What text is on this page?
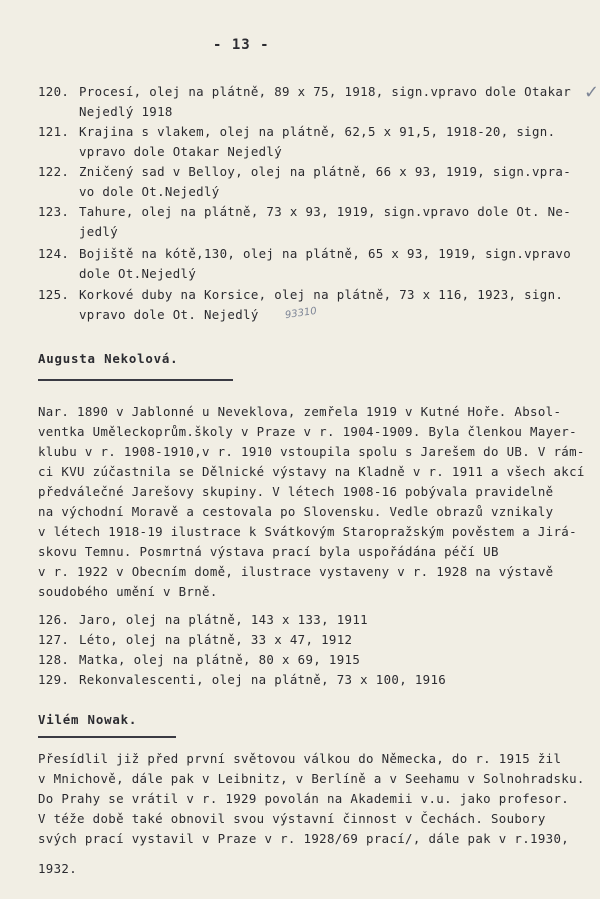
- 13 -
120. Procesí, olej na plátně, 89 x 75, 1918, sign.vpravo dole Otakar
Nejedlý 1918
✓
121. Krajina s vlakem, olej na plátně, 62,5 x 91,5, 1918-20, sign.
vpravo dole Otakar Nejedlý
122. Zničený sad v Belloy, olej na plátně, 66 x 93, 1919, sign.vpra-
vo dole Ot.Nejedlý
123. Tahure, olej na plátně, 73 x 93, 1919, sign.vpravo dole Ot. Ne-
jedlý
124. Bojiště na kótě,130, olej na plátně, 65 x 93, 1919, sign.vpravo
dole Ot.Nejedlý
125. Korkové duby na Korsice, olej na plátně, 73 x 116, 1923, sign.
vpravo dole Ot. Nejedlý	93310
Augusta Nekolová.
Nar. 1890 v Jablonné u Neveklova, zemřela 1919 v Kutné Hoře. Absol-
ventka Uměleckoprům.školy v Praze v r. 1904-1909. Byla členkou Mayer-
klubu v r. 1908-1910,v r. 1910 vstoupila spolu s Jarešem do UB. V rám-
ci KVU zúčastnila se Dělnické výstavy na Kladně v r. 1911 a všech akcí
předválečné Jarešovy skupiny. V létech 1908-16 pobývala pravidelně
na východní Moravě a cestovala po Slovensku. Vedle obrazů vznikaly
v létech 1918-19 ilustrace k Svátkovým Staropražským pověstem a Jirá-
skovu Temnu. Posmrtná výstava prací byla uspořádána péčí UB
v r. 1922 v Obecním domě, ilustrace vystaveny v r. 1928 na výstavě
soudobého umění v Brně.
126. Jaro, olej na plátně, 143 x 133, 1911
127. Léto, olej na plátně, 33 x 47, 1912
128. Matka, olej na plátně, 80 x 69, 1915
129. Rekonvalescenti, olej na plátně, 73 x 100, 1916
Vilém Nowak.
Přesídlil již před první světovou válkou do Německa, do r. 1915 žil
v Mnichově, dále pak v Leibnitz, v Berlíně a v Seehamu v Solnohradsku.
Do Prahy se vrátil v r. 1929 povolán na Akademii v.u. jako profesor.
V téže době také obnovil svou výstavní činnost v Čechách. Soubory
svých prací vystavil v Praze v r. 1928/69 prací/, dále pak v r.1930,
1932.
